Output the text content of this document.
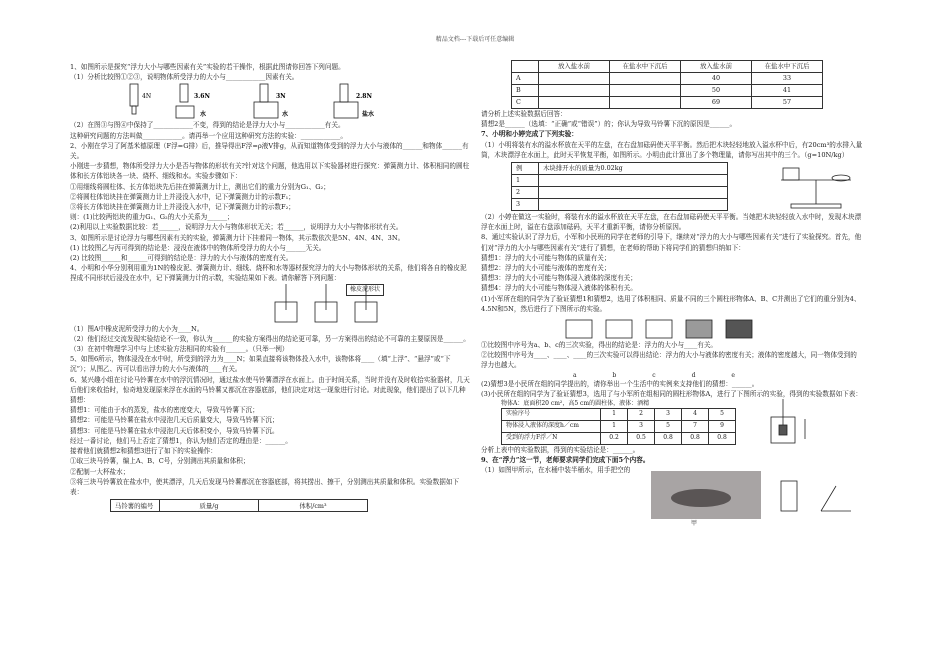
精品文档---下载后可任意编辑

1、如图所示是探究“浮力大小与哪些因素有关”实验的若干操作，根据此图请你回答下列问题。

（1）分析比较图①②③，说明物体所受浮力的大小与____________因素有关。

4N	3.6N	3N	2.8N
水	水	盐水

（2）在图③与图④中保持了____________不变，得到的结论是浮力大小与____________有关。

这种研究问题的方法叫做____________。请再举一个应用这种研究方法的实验：____________。

2、小刚在学习了阿基米德原理（F浮=G排）后，推导得出F浮=ρ液V排g，从而知道物体受到的浮力大小与液体的______和物体______有关。

小刚进一步猜想，物体所受浮力大小是否与物体的形状有关?针对这个问题，他选用以下实验器材进行探究：弹簧测力计、体积相同的圆柱体和长方体铝块各一块、烧杯、细线和水。实验步骤如下：

①用细线将圆柱体、长方体铝块先后挂在弹簧测力计上，测出它们的重力分别为G₁、G₂；

②将圆柱体铝块挂在弹簧测力计上并浸没入水中，记下弹簧测力计的示数F₁；

③将长方体铝块挂在弹簧测力计上并浸没入水中，记下弹簧测力计的示数F₂；

则：(1)比较两铝块的重力G₁、G₂的大小关系为______；

(2)利用以上实验数据比较：若______，说明浮力大小与物体形状无关；若______，说明浮力大小与物体形状有关。

3、如图所示是讨论浮力与哪些因素有关的实验，弹簧测力计下挂着同一物体，其示数依次是5N、4N、4N、3N。

(1) 比较图乙与丙可得到的结论是：浸没在液体中的物体所受浮力的大小与______无关。

(2) 比较图______和______可得到的结论是：浮力的大小与液体的密度有关。

4、小明和小华分别利用重为1N的橡皮泥、弹簧测力计、细线、烧杯和水等器材探究浮力的大小与物体形状的关系，他们将各自的橡皮泥捏成不同形状后浸没在水中，记下弹簧测力计的示数，实验结果如下表。请你解答下列问题：

橡皮泥形状

（1）图A中橡皮泥所受浮力的大小为____N。

（2）他们经过交流发现实验结论不一致，你认为______的实验方案得出的结论更可靠，另一方案得出的结论不可靠的主要原因是______。

（3）在初中物理学习中与上述实验方法相同的实验有______。（只举一例）

5、如图6所示，物体浸没在水中时，所受到的浮力为____N；如果直接将该物体投入水中，该物体将____（填“上浮”、“悬浮”或“下沉”）；从图乙、丙可以看出浮力的大小与液体的____有关。

6、某兴趣小组在讨论马铃薯在水中的浮沉情况时，通过盐水使马铃薯漂浮在水面上。由于时间关系，当时并没有及时收拾实验器材，几天后他们来收拾时，惊奇地发现原来浮在水面的马铃薯又都沉在容器底部，他们决定对这一现象进行讨论。对此现象，他们提出了以下几种猜想：

猜想1：可能由于水的蒸发，盐水的密度变大，导致马铃薯下沉；

猜想2：可能是马铃薯在盐水中浸泡几天后质量变大，导致马铃薯下沉；

猜想3：可能是马铃薯在盐水中浸泡几天后体积变小，导致马铃薯下沉。

经过一番讨论，他们马上否定了猜想1，你认为他们否定的理由是：______。

接着他们就猜想2和猜想3进行了如下的实验操作：

①取三块马铃薯，编上A、B、C号，分别测出其质量和体积；

②配制一大杯盐水；

③将三块马铃薯放在盐水中，使其漂浮，几天后发现马铃薯都沉在容器底部，将其捞出、擦干，分别测出其质量和体积。实验数据如下表：

马铃薯的编号	质量/g	体积/cm³
	放入盐水前	在盐水中下沉后	放入盐水前	在盐水中下沉后
A			40	33
B			50	41
C			69	57

请分析上述实验数据后回答：

猜想2是______（选填：“正确”或“错误”）的；你认为导致马铃薯下沉的原因是______。

7、小明和小婷完成了下列实验：

（1）小明将装有水的溢水杯放在天平的左盘，在右盘加砝码使天平平衡。然后把木块轻轻地放入溢水杯中后，有20cm³的水排入量筒，木块漂浮在水面上，此时天平恢复平衡，如图所示。小明由此计算出了多个物理量，请你写出其中的三个。（g=10N/kg）

例	木块排开水的质量为0.02kg
1	
2	
3	

（2）小婷在做这一实验时，将装有水的溢水杯放在天平左盘，在右盘加砝码使天平平衡。当她把木块轻轻放入水中时，发现木块漂浮在水面上时，溢在右盘添加砝码，天平才重新平衡，请你分析原因。

8、通过实验认识了浮力后，小军和小民班的同学在老师的引导下，继续对“浮力的大小与哪些因素有关”进行了实验探究。首先，他们对“浮力的大小与哪些因素有关”进行了猜想，在老师的帮助下将同学们的猜想归纳如下：

猜想1：浮力的大小可能与物体的质量有关；

猜想2：浮力的大小可能与液体的密度有关；

猜想3：浮力的大小可能与物体浸入液体的深度有关；

猜想4：浮力的大小可能与物体浸入液体的体积有关。

(1)小军所在组的同学为了验证猜想1和猜想2，选用了体积相同、质量不同的三个圆柱形物体A、B、C并测出了它们的重分别为4、4.5N和5N，然后进行了下图所示的实验。

①比较图中序号为a、b、c的三次实验，得出的结论是：浮力的大小与____有关。

②比较图中序号为____、____、____的三次实验可以得出结论：浮力的大小与液体的密度有关；液体的密度越大，同一物体受到的浮力也越大。

a	b	c	d	e

(2)猜想3是小民所在组的同学提出的，请你举出一个生活中的实例来支持他们的猜想：______。

(3)小民所在组的同学为了验证猜想3，选用了与小军所在组相同的圆柱形物体A，进行了下图所示的实验，得到的实验数据如下表：

物体A：底面积20 cm²，高5 cm的圆柱体，液体：酒精
实验序号	1	2	3	4	5
物体浸入液体的深度h／cm	1	3	5	7	9
受到的浮力F浮／N	0.2	0.5	0.8	0.8	0.8

分析上表中的实验数据，得到的实验结论是：______。

9、在“浮力”这一节，老师要求同学们完成下面5个内容。

（1）如图甲所示，在水桶中装半桶水，用手把空的

甲
